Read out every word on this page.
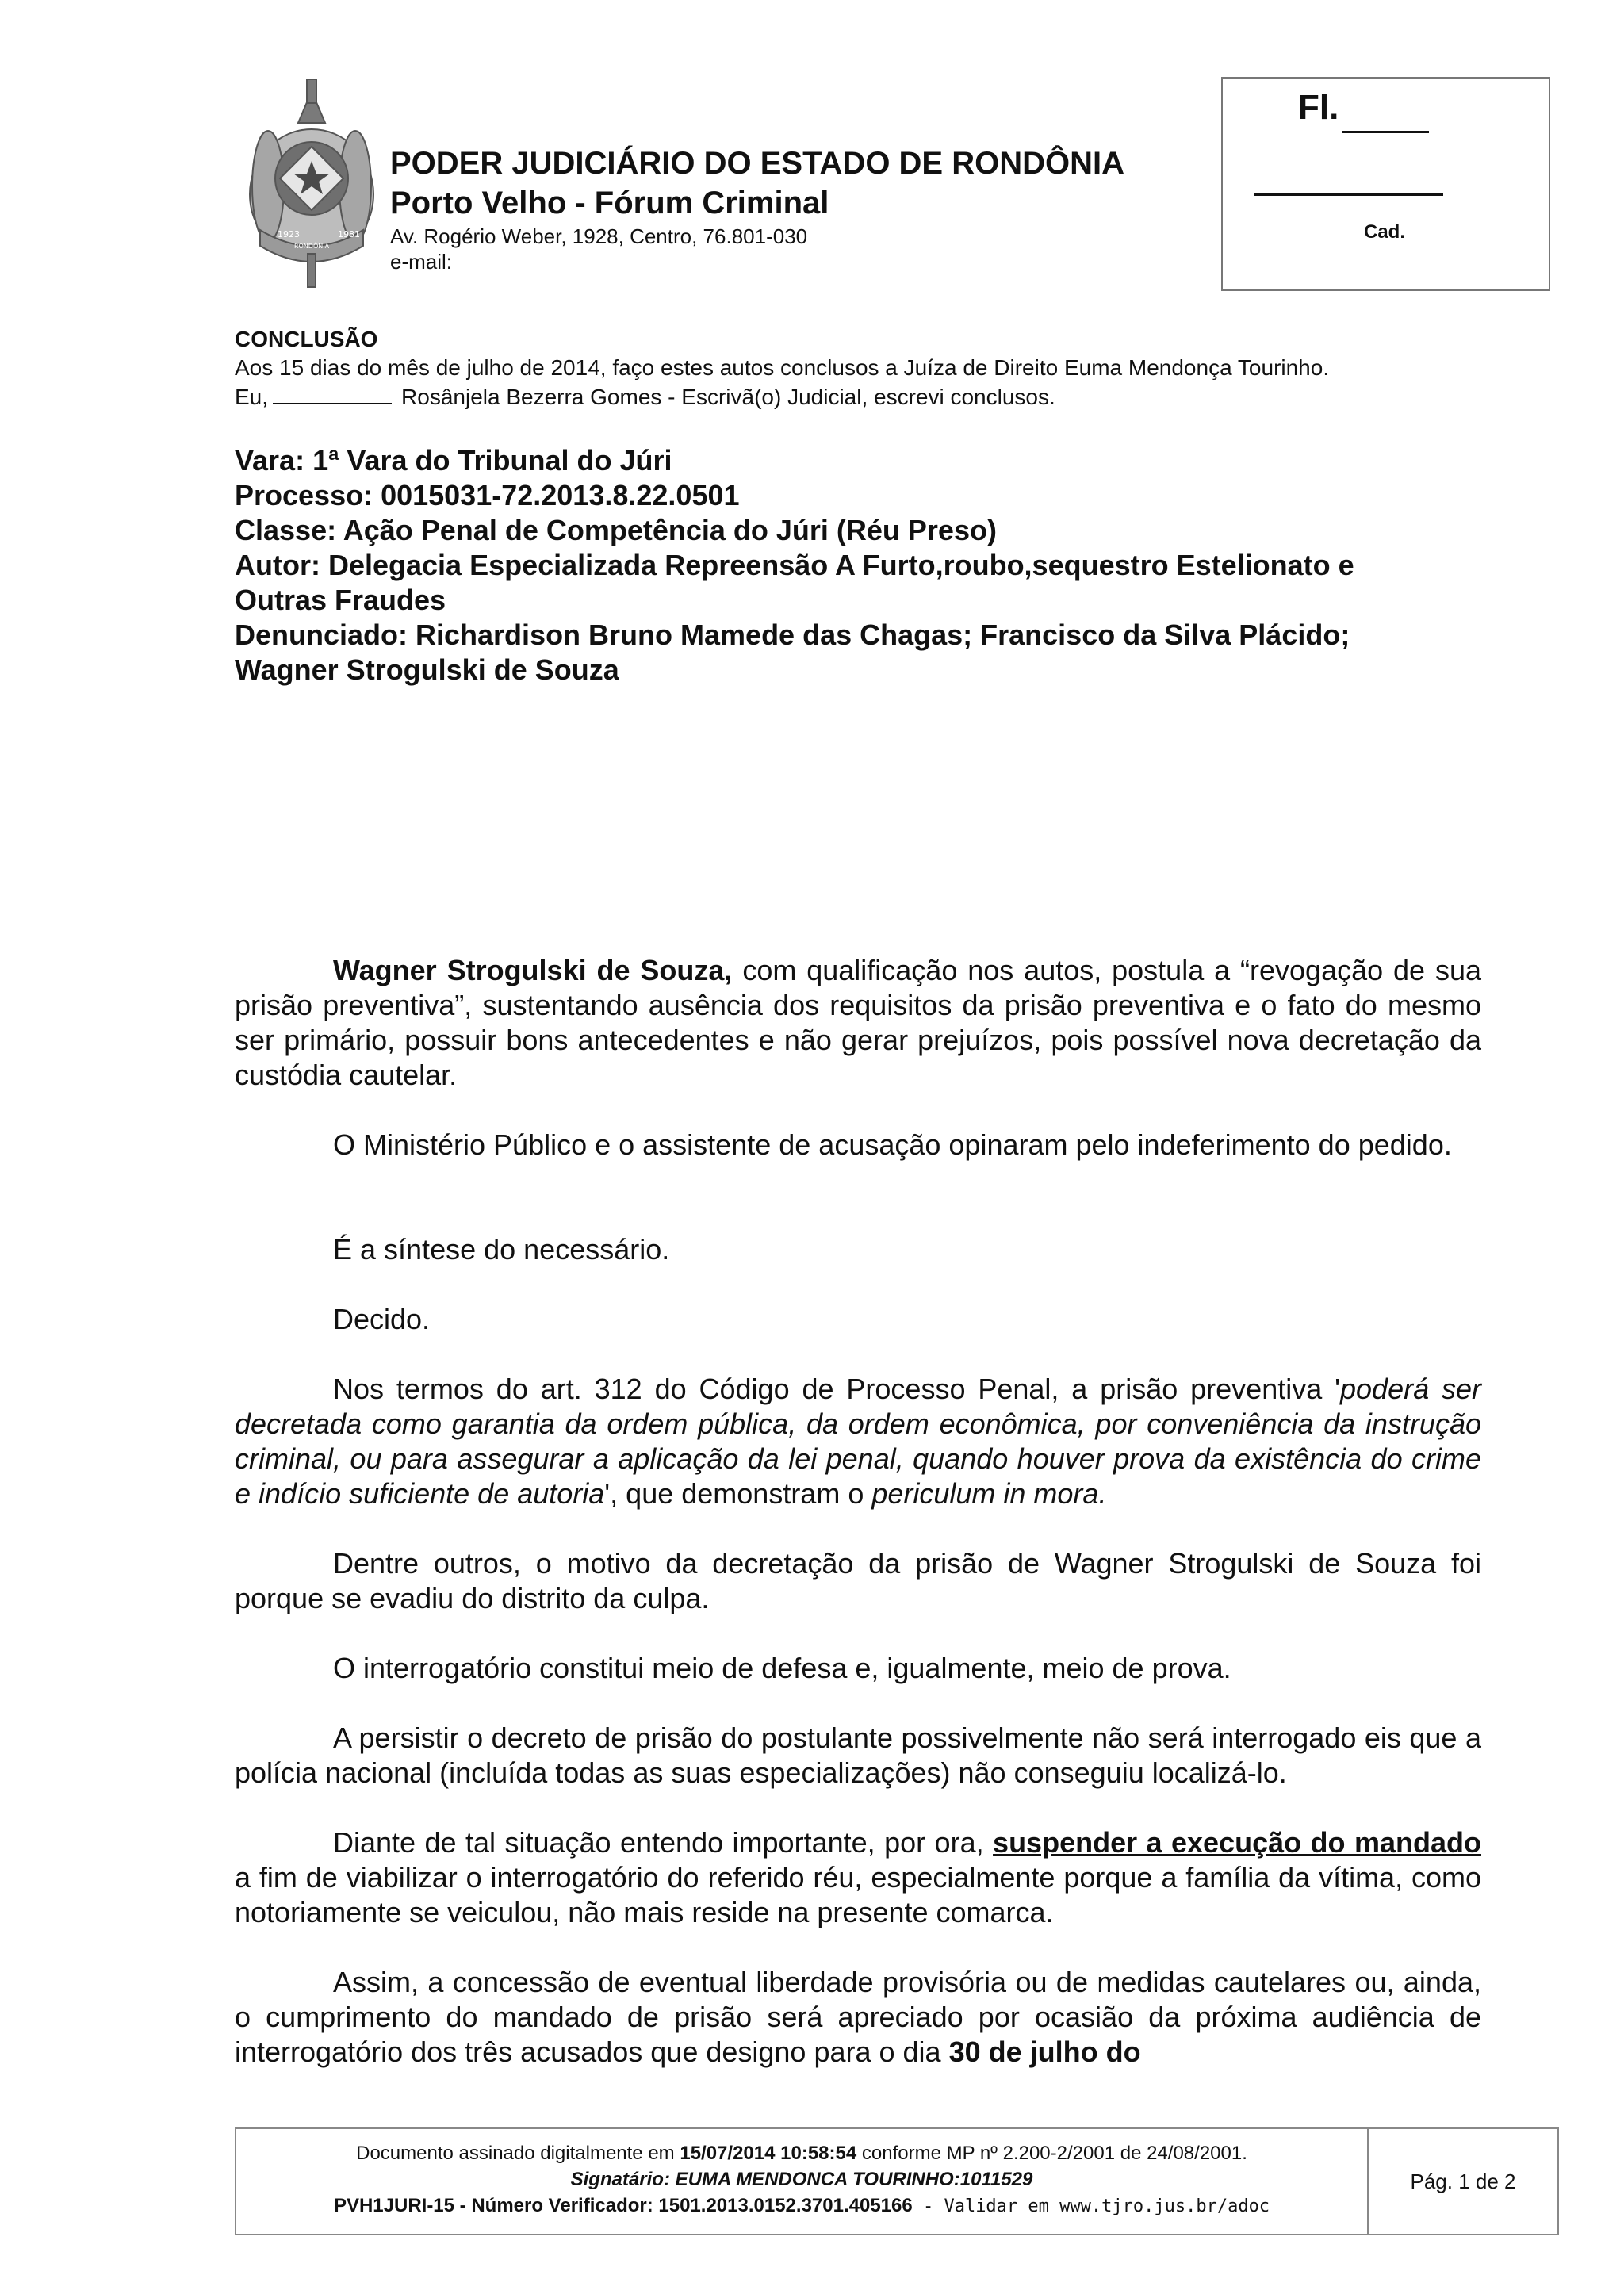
1923	1981
RONDÔNIA
PODER JUDICIÁRIO DO ESTADO DE RONDÔNIA
Porto Velho - Fórum Criminal
Av. Rogério Weber, 1928, Centro, 76.801-030
e-mail:
Fl.
Cad.
CONCLUSÃO
Aos 15 dias do mês de julho de 2014, faço estes autos conclusos a Juíza de Direito Euma Mendonça Tourinho.
Eu,	Rosânjela Bezerra Gomes - Escrivã(o) Judicial, escrevi conclusos.
Vara: 1ª Vara do Tribunal do Júri
Processo: 0015031-72.2013.8.22.0501
Classe: Ação Penal de Competência do Júri (Réu Preso)
Autor: Delegacia Especializada Repreensão A Furto,roubo,sequestro Estelionato e
Outras Fraudes
Denunciado: Richardison Bruno Mamede das Chagas; Francisco da Silva Plácido;
Wagner Strogulski de Souza

Wagner Strogulski de Souza, com qualificação nos autos, postula a “revogação de sua prisão preventiva”, sustentando ausência dos requisitos da prisão preventiva e o fato do mesmo ser primário, possuir bons antecedentes e não gerar prejuízos, pois possível nova decretação da custódia cautelar.

O Ministério Público e o assistente de acusação opinaram pelo indeferimento do pedido.

É a síntese do necessário.

Decido.

Nos termos do art. 312 do Código de Processo Penal, a prisão preventiva 'poderá ser decretada como garantia da ordem pública, da ordem econômica, por conveniência da instrução criminal, ou para assegurar a aplicação da lei penal, quando houver prova da existência do crime e indício suficiente de autoria', que demonstram o periculum in mora.

Dentre outros, o motivo da decretação da prisão de Wagner Strogulski de Souza foi porque se evadiu do distrito da culpa.

O interrogatório constitui meio de defesa e, igualmente, meio de prova.

A persistir o decreto de prisão do postulante possivelmente não será interrogado eis que a polícia nacional (incluída todas as suas especializações) não conseguiu localizá-lo.

Diante de tal situação entendo importante, por ora, suspender a execução do mandado a fim de viabilizar o interrogatório do referido réu, especialmente porque a família da vítima, como notoriamente se veiculou, não mais reside na presente comarca.

Assim, a concessão de eventual liberdade provisória ou de medidas cautelares ou, ainda, o cumprimento do mandado de prisão será apreciado por ocasião da próxima audiência de interrogatório dos três acusados que designo para o dia 30 de julho do

Documento assinado digitalmente em 15/07/2014 10:58:54 conforme MP nº 2.200-2/2001 de 24/08/2001.
Signatário: EUMA MENDONCA TOURINHO:1011529
PVH1JURI-15 - Número Verificador: 1501.2013.0152.3701.405166 - Validar em www.tjro.jus.br/adoc
Pág. 1 de 2
